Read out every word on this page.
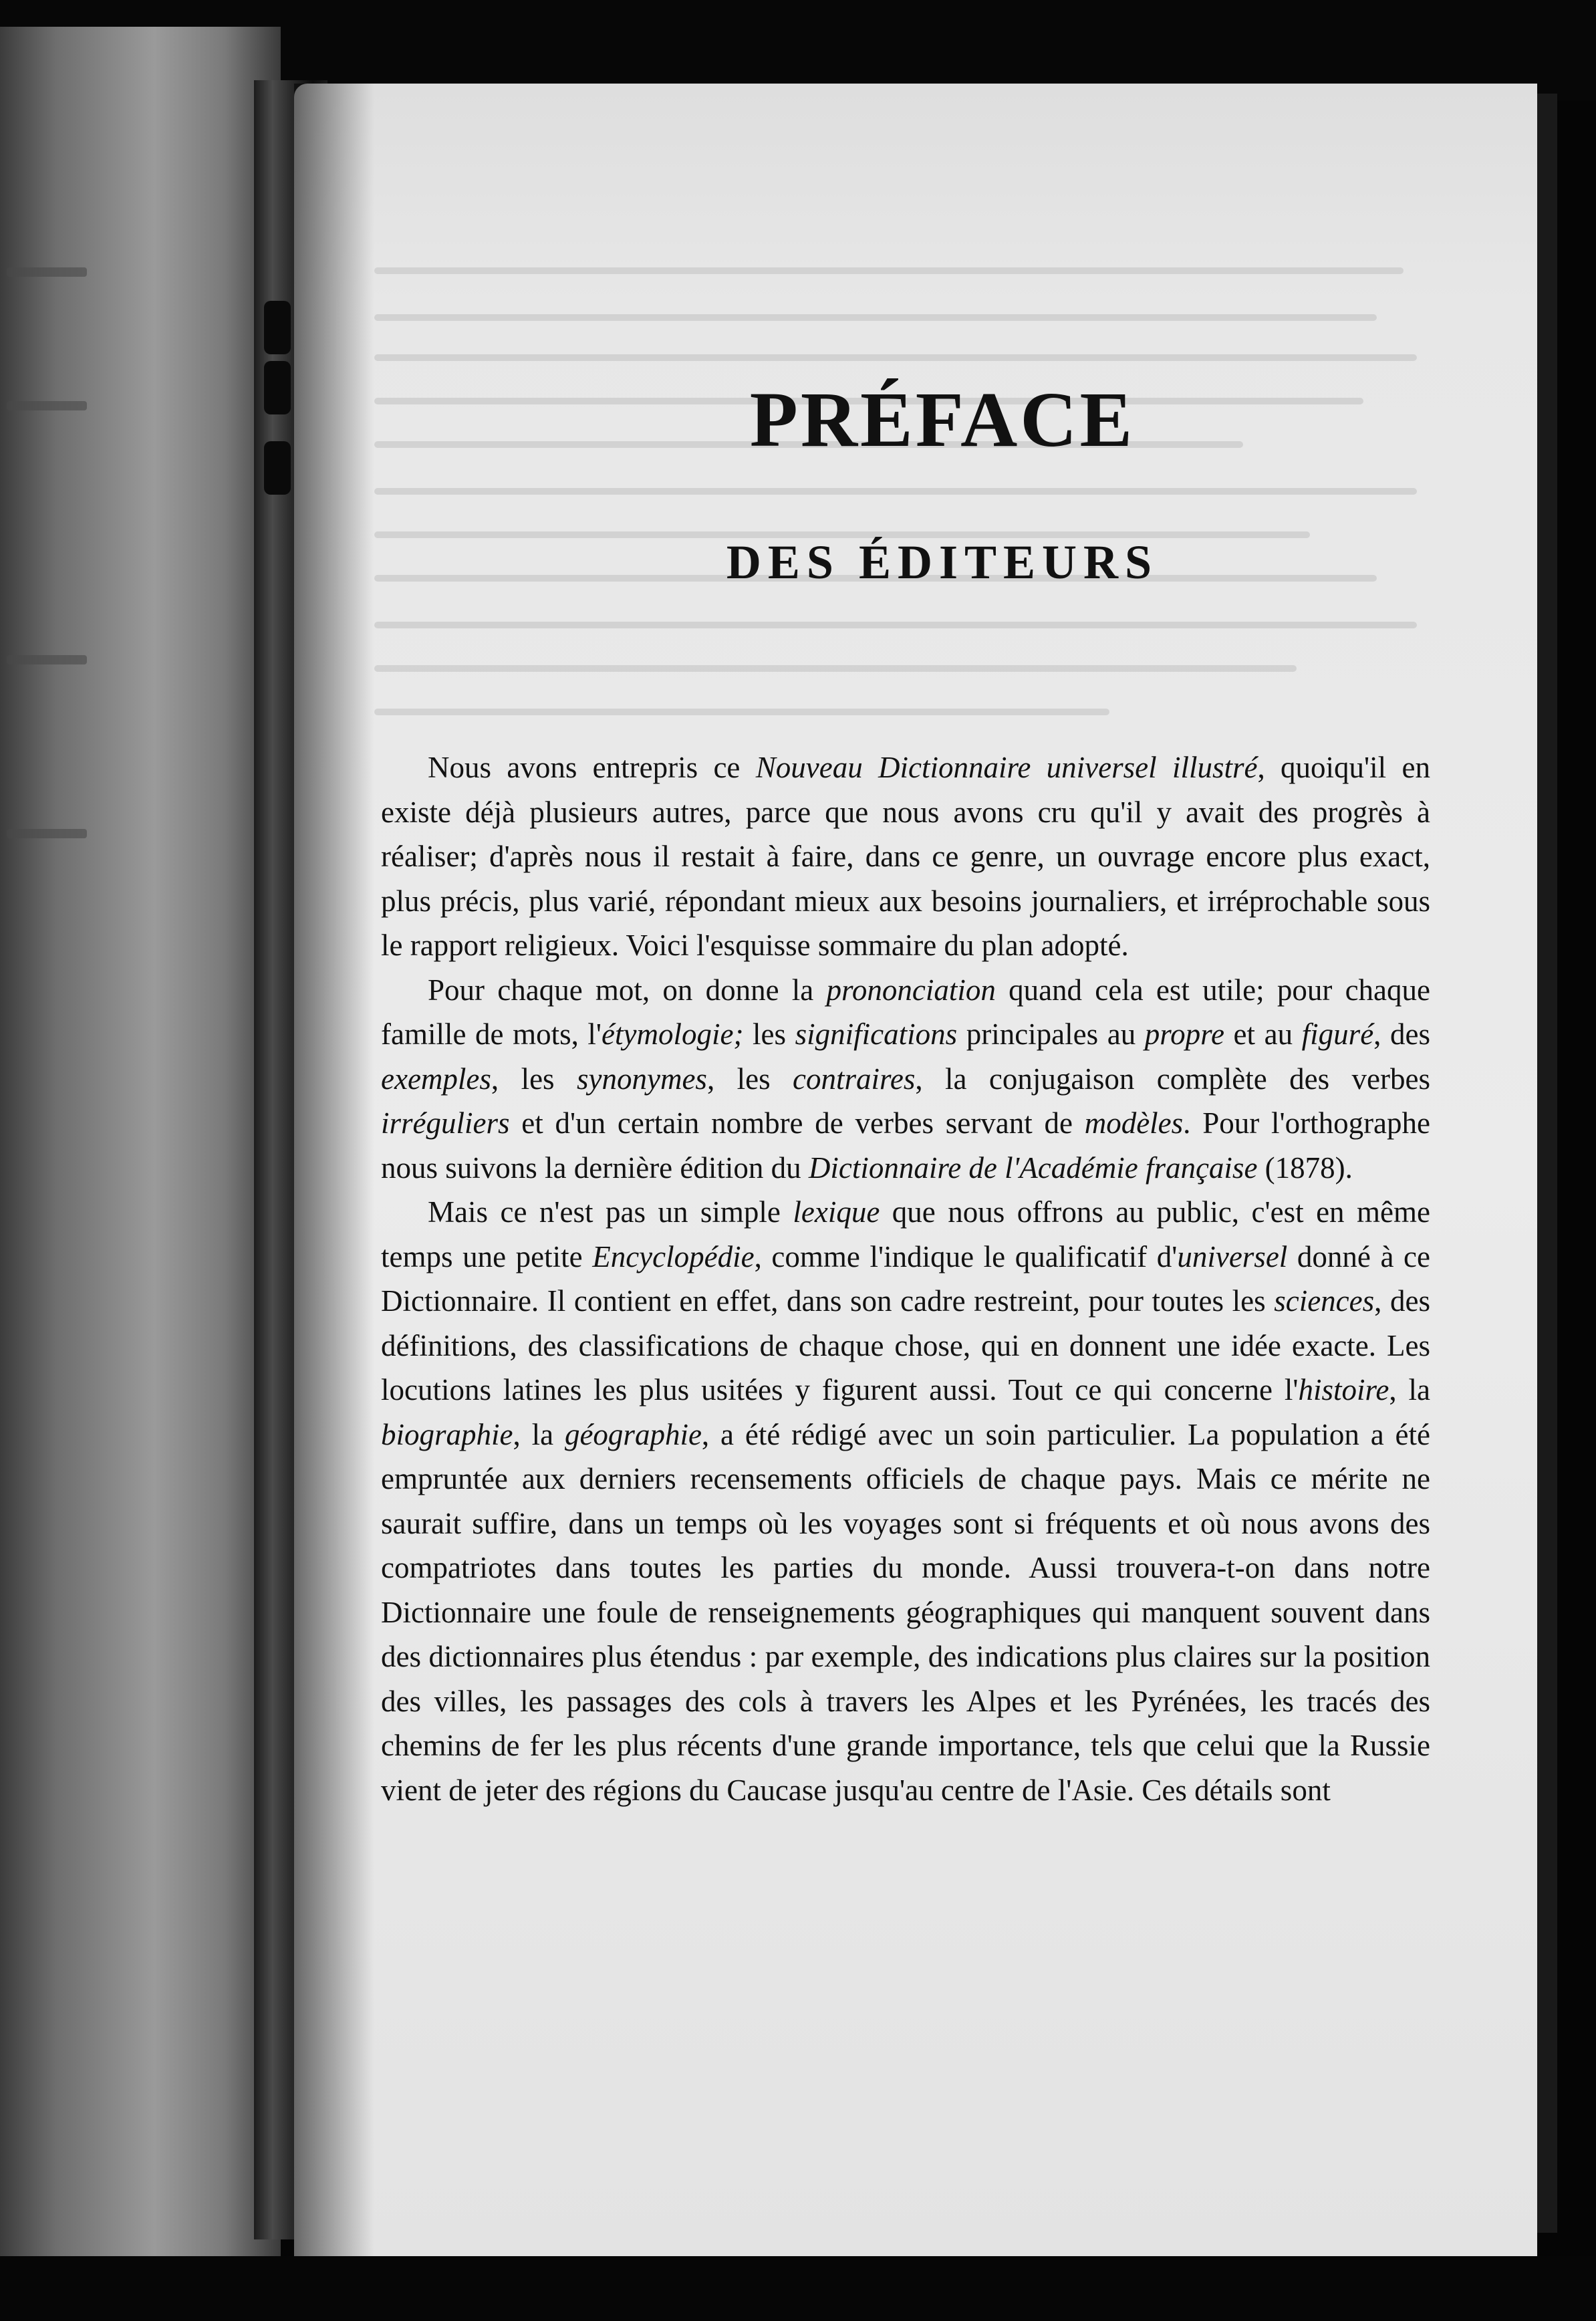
PRÉFACE
DES ÉDITEURS

Nous avons entrepris ce Nouveau Dictionnaire universel illustré, quoiqu'il en existe déjà plusieurs autres, parce que nous avons cru qu'il y avait des progrès à réaliser; d'après nous il restait à faire, dans ce genre, un ouvrage encore plus exact, plus précis, plus varié, répondant mieux aux besoins journaliers, et irréprochable sous le rapport religieux. Voici l'esquisse sommaire du plan adopté.

Pour chaque mot, on donne la prononciation quand cela est utile; pour chaque famille de mots, l'étymologie; les significations principales au propre et au figuré, des exemples, les synonymes, les contraires, la conjugaison complète des verbes irréguliers et d'un certain nombre de verbes servant de modèles. Pour l'orthographe nous suivons la dernière édition du Dictionnaire de l'Académie française (1878).

Mais ce n'est pas un simple lexique que nous offrons au public, c'est en même temps une petite Encyclopédie, comme l'indique le qualificatif d'universel donné à ce Dictionnaire. Il contient en effet, dans son cadre restreint, pour toutes les sciences, des définitions, des classifications de chaque chose, qui en donnent une idée exacte. Les locutions latines les plus usitées y figurent aussi. Tout ce qui concerne l'histoire, la biographie, la géographie, a été rédigé avec un soin particulier. La population a été empruntée aux derniers recensements officiels de chaque pays. Mais ce mérite ne saurait suffire, dans un temps où les voyages sont si fréquents et où nous avons des compatriotes dans toutes les parties du monde. Aussi trouvera-t-on dans notre Dictionnaire une foule de renseignements géographiques qui manquent souvent dans des dictionnaires plus étendus : par exemple, des indications plus claires sur la position des villes, les passages des cols à travers les Alpes et les Pyrénées, les tracés des chemins de fer les plus récents d'une grande importance, tels que celui que la Russie vient de jeter des régions du Caucase jusqu'au centre de l'Asie. Ces détails sont
